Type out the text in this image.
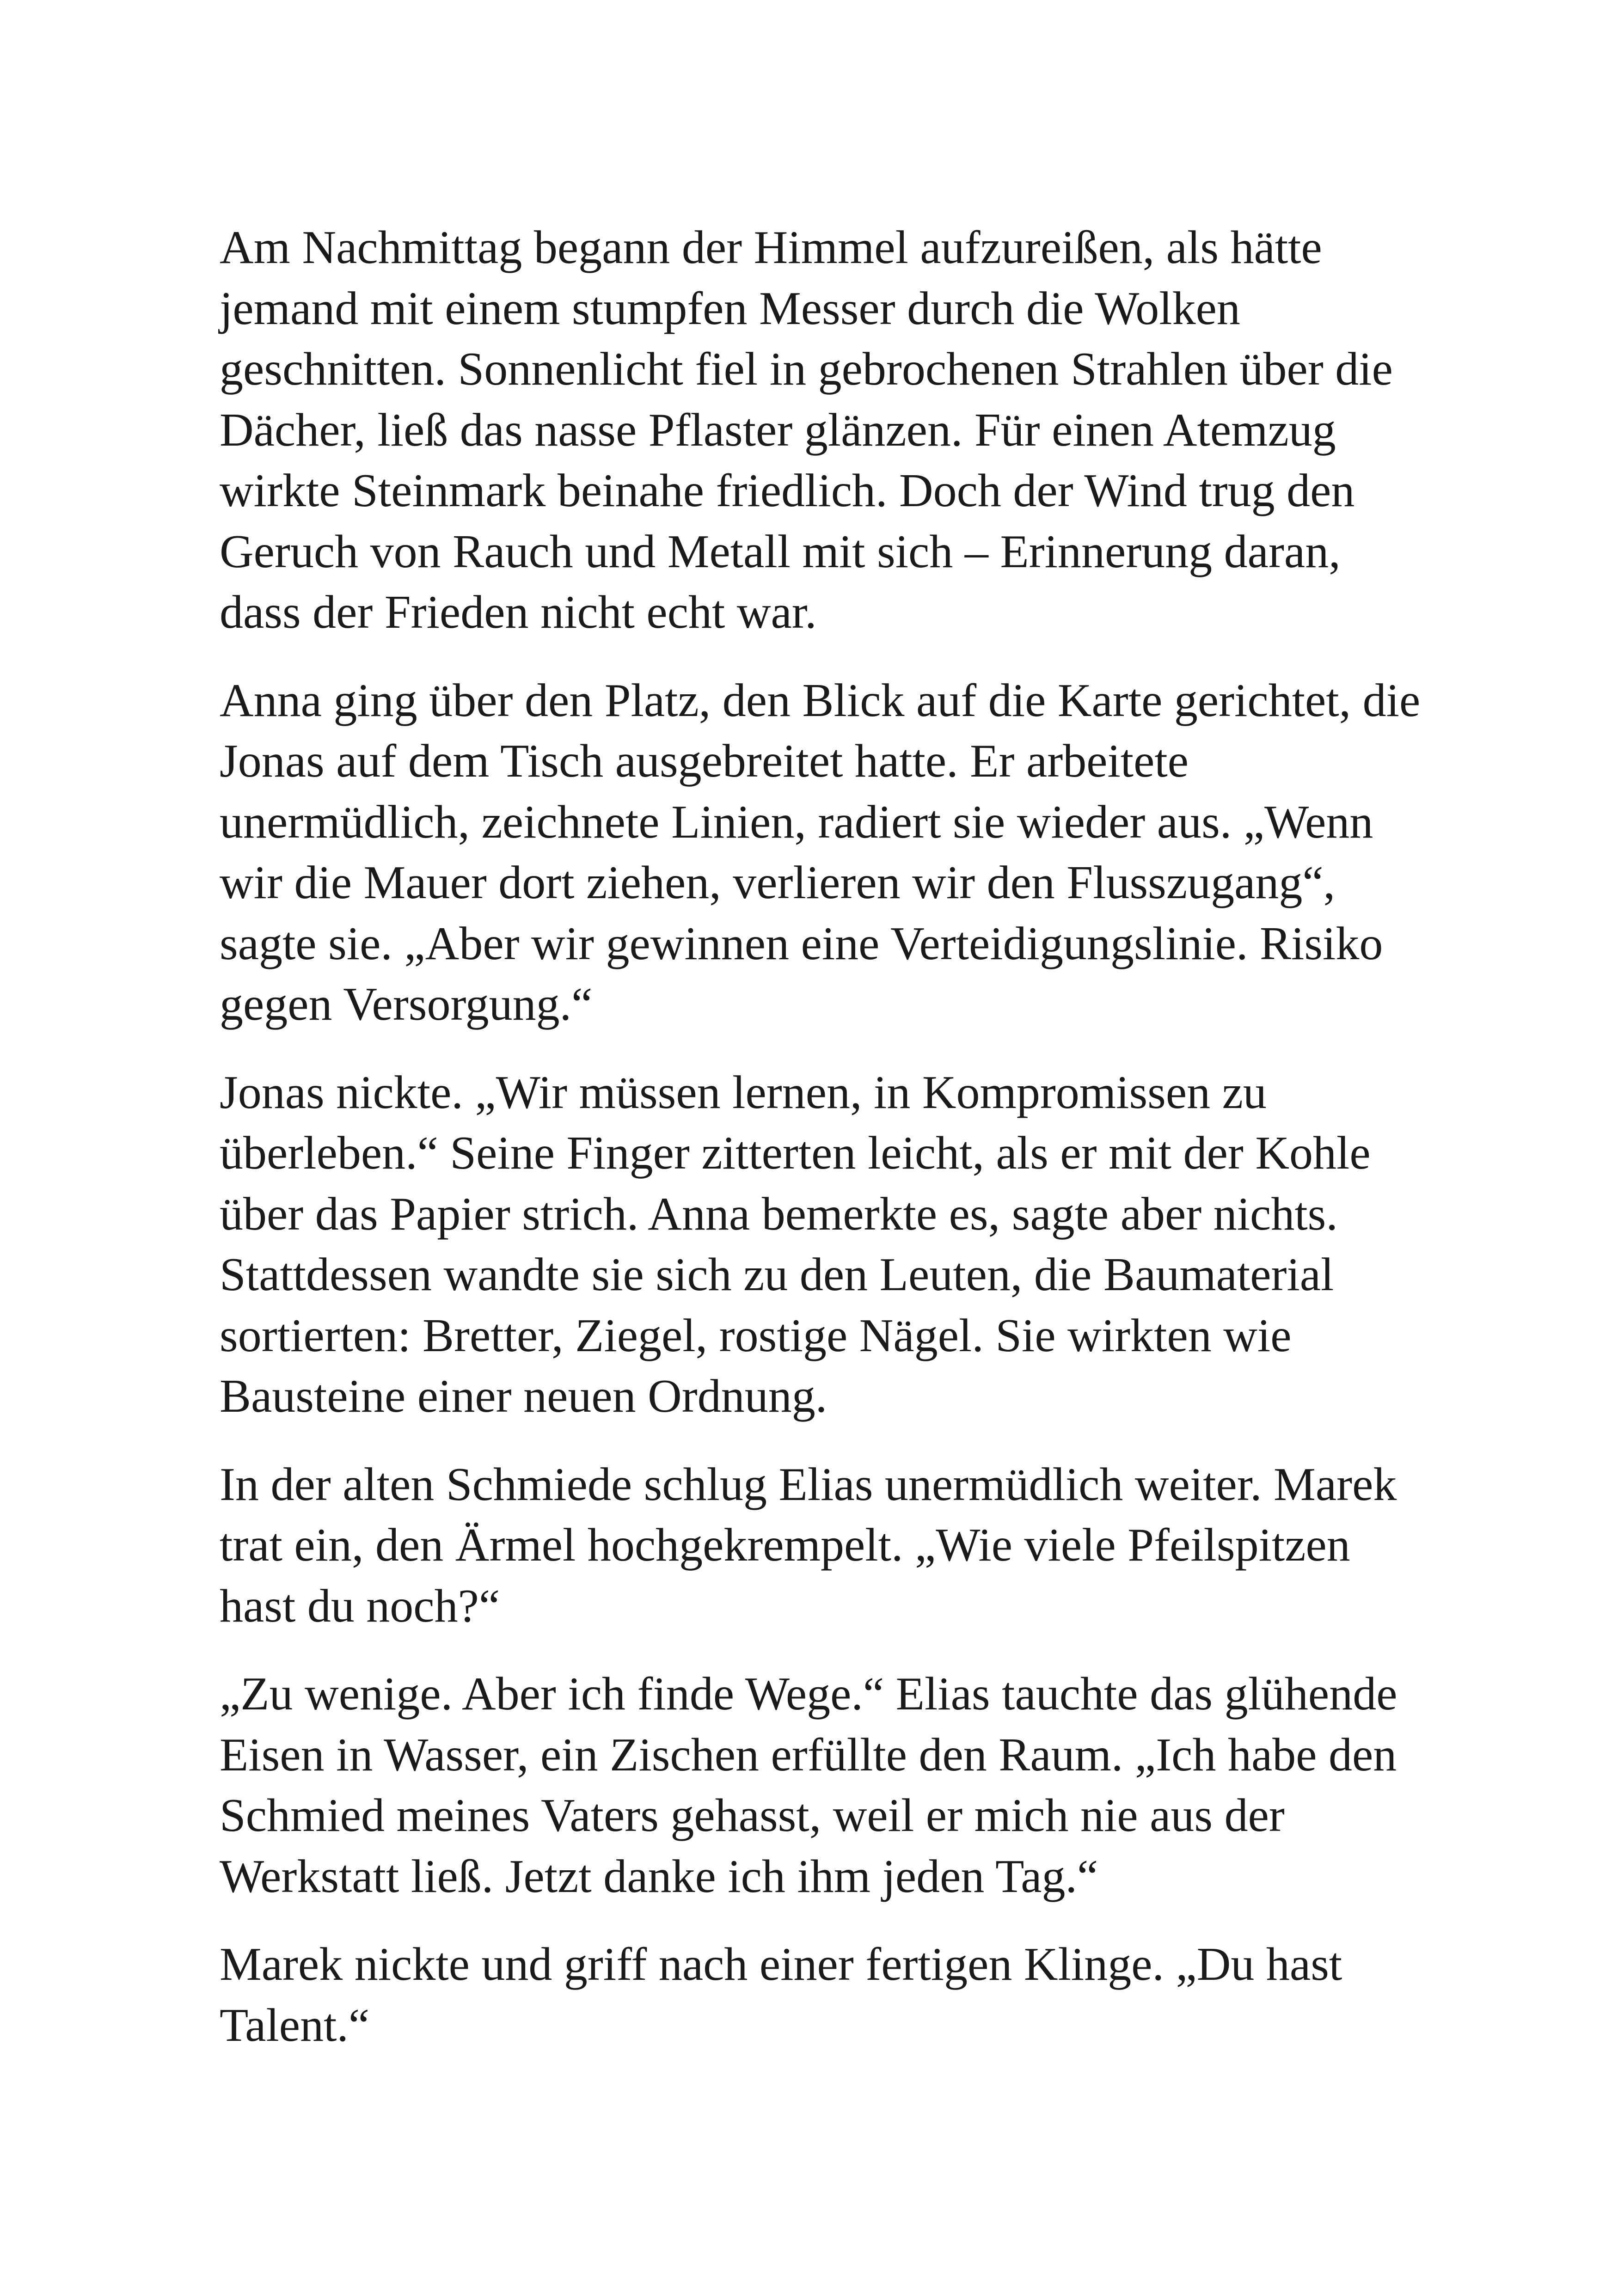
Am Nachmittag begann der Himmel aufzureißen, als hätte
jemand mit einem stumpfen Messer durch die Wolken
geschnitten. Sonnenlicht fiel in gebrochenen Strahlen über die
Dächer, ließ das nasse Pflaster glänzen. Für einen Atemzug
wirkte Steinmark beinahe friedlich. Doch der Wind trug den
Geruch von Rauch und Metall mit sich – Erinnerung daran,
dass der Frieden nicht echt war.

Anna ging über den Platz, den Blick auf die Karte gerichtet, die
Jonas auf dem Tisch ausgebreitet hatte. Er arbeitete
unermüdlich, zeichnete Linien, radiert sie wieder aus. „Wenn
wir die Mauer dort ziehen, verlieren wir den Flusszugang“,
sagte sie. „Aber wir gewinnen eine Verteidigungslinie. Risiko
gegen Versorgung.“

Jonas nickte. „Wir müssen lernen, in Kompromissen zu
überleben.“ Seine Finger zitterten leicht, als er mit der Kohle
über das Papier strich. Anna bemerkte es, sagte aber nichts.
Stattdessen wandte sie sich zu den Leuten, die Baumaterial
sortierten: Bretter, Ziegel, rostige Nägel. Sie wirkten wie
Bausteine einer neuen Ordnung.

In der alten Schmiede schlug Elias unermüdlich weiter. Marek
trat ein, den Ärmel hochgekrempelt. „Wie viele Pfeilspitzen
hast du noch?“

„Zu wenige. Aber ich finde Wege.“ Elias tauchte das glühende
Eisen in Wasser, ein Zischen erfüllte den Raum. „Ich habe den
Schmied meines Vaters gehasst, weil er mich nie aus der
Werkstatt ließ. Jetzt danke ich ihm jeden Tag.“

Marek nickte und griff nach einer fertigen Klinge. „Du hast
Talent.“
